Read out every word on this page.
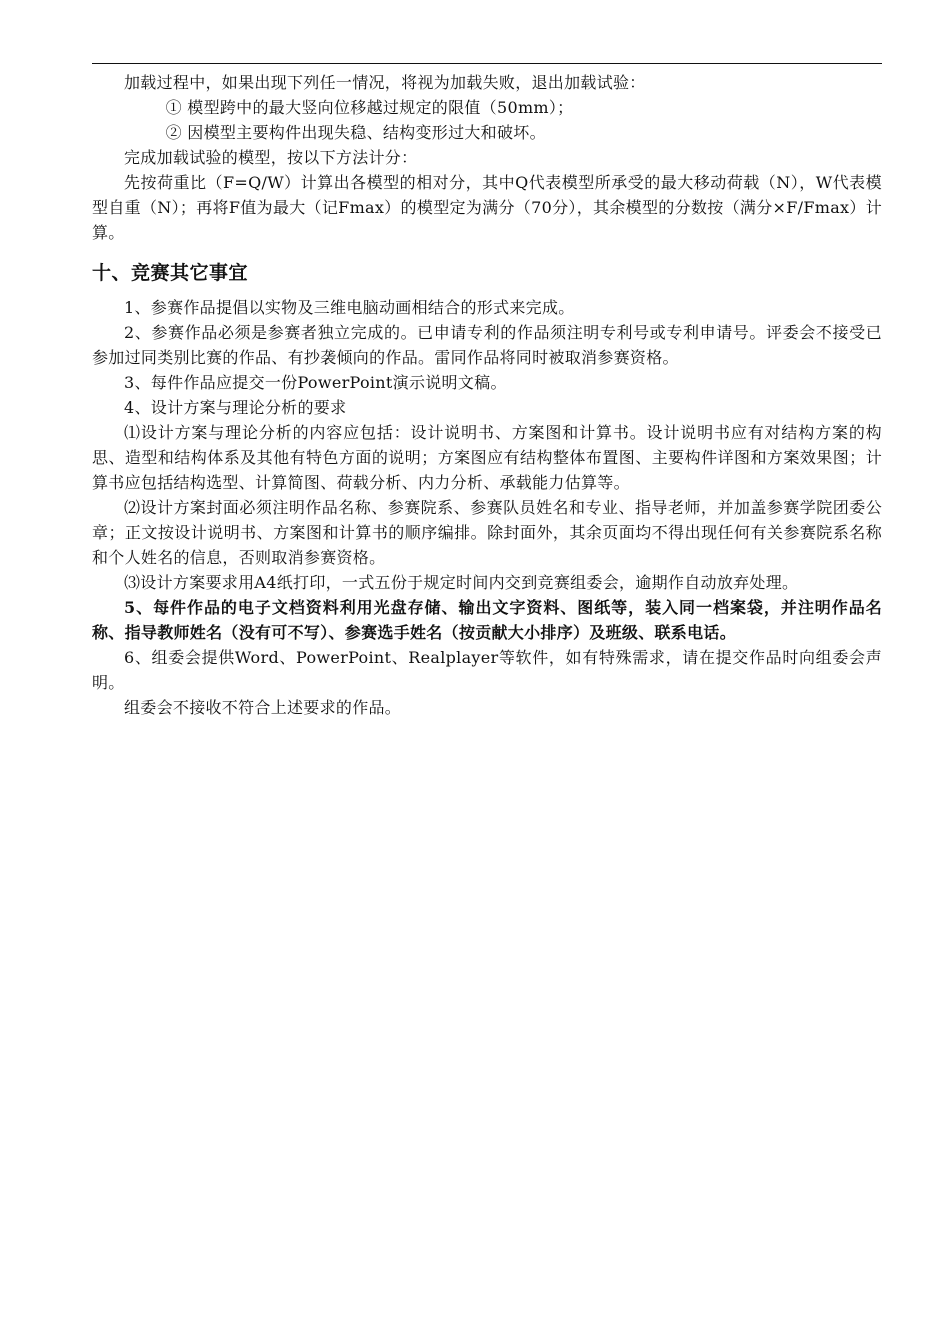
加载过程中，如果出现下列任一情况，将视为加载失败，退出加载试验：

① 模型跨中的最大竖向位移越过规定的限值（50mm）；

② 因模型主要构件出现失稳、结构变形过大和破坏。

完成加载试验的模型，按以下方法计分：

先按荷重比（F=Q/W）计算出各模型的相对分，其中Q代表模型所承受的最大移动荷载（N），W代表模型自重（N）；再将F值为最大（记Fmax）的模型定为满分（70分），其余模型的分数按（满分×F/Fmax）计算。

十、竞赛其它事宜

1、参赛作品提倡以实物及三维电脑动画相结合的形式来完成。

2、参赛作品必须是参赛者独立完成的。已申请专利的作品须注明专利号或专利申请号。评委会不接受已参加过同类别比赛的作品、有抄袭倾向的作品。雷同作品将同时被取消参赛资格。

3、每件作品应提交一份PowerPoint演示说明文稿。

4、设计方案与理论分析的要求

⑴设计方案与理论分析的内容应包括：设计说明书、方案图和计算书。设计说明书应有对结构方案的构思、造型和结构体系及其他有特色方面的说明；方案图应有结构整体布置图、主要构件详图和方案效果图；计算书应包括结构选型、计算简图、荷载分析、内力分析、承载能力估算等。

⑵设计方案封面必须注明作品名称、参赛院系、参赛队员姓名和专业、指导老师，并加盖参赛学院团委公章；正文按设计说明书、方案图和计算书的顺序编排。除封面外，其余页面均不得出现任何有关参赛院系名称和个人姓名的信息，否则取消参赛资格。

⑶设计方案要求用A4纸打印，一式五份于规定时间内交到竞赛组委会，逾期作自动放弃处理。

5、每件作品的电子文档资料利用光盘存储、输出文字资料、图纸等，装入同一档案袋，并注明作品名称、指导教师姓名（没有可不写）、参赛选手姓名（按贡献大小排序）及班级、联系电话。

6、组委会提供Word、PowerPoint、Realplayer等软件，如有特殊需求，请在提交作品时向组委会声明。

组委会不接收不符合上述要求的作品。
